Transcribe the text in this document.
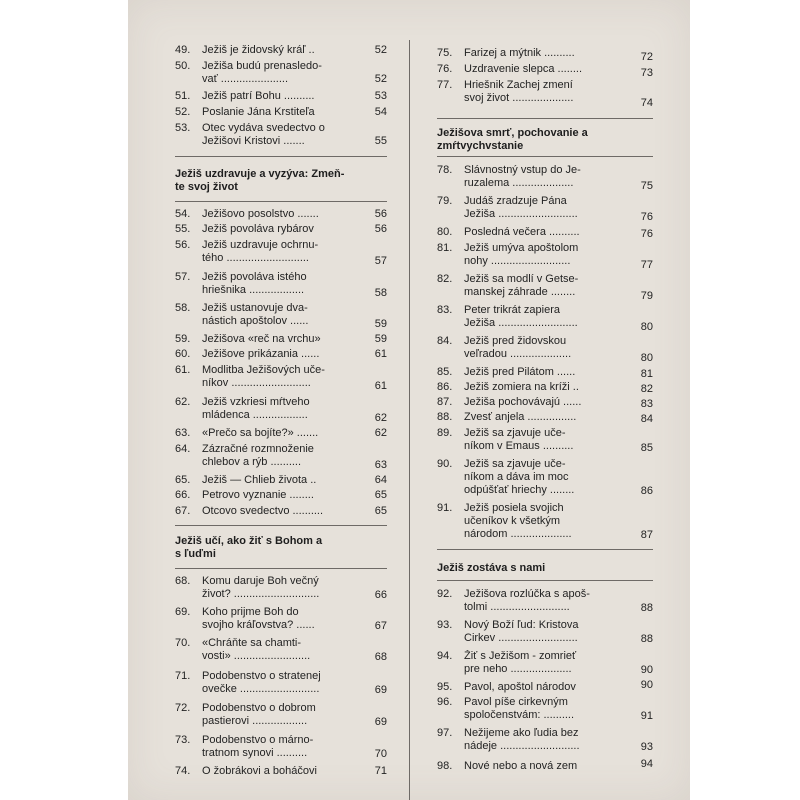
49. Ježiš je židovský kráľ ..	52
50. Ježiša budú prenasledo-
vať ......................	52
51. Ježiš patrí Bohu ..........	53
52. Poslanie Jána Krstiteľa	54
53. Otec vydáva svedectvo o
Ježišovi Kristovi .......	55
Ježiš uzdravuje a vyzýva: Zmeň-
te svoj život
54. Ježišovo posolstvo .......	56
55. Ježiš povoláva rybárov	56
56. Ježiš uzdravuje ochrnu-
tého ...........................	57
57. Ježiš povoláva istého
hriešnika ..................	58
58. Ježiš ustanovuje dva-
nástich apoštolov ......	59
59. Ježišova «reč na vrchu»	59
60. Ježišove prikázania ......	61
61. Modlitba Ježišových uče-
níkov ..........................	61
62. Ježiš vzkriesi mŕtveho
mládenca ..................	62
63. «Prečo sa bojíte?» .......	62
64. Zázračné rozmnoženie
chlebov a rýb ..........	63
65. Ježiš — Chlieb života ..	64
66. Petrovo vyznanie ........	65
67. Otcovo svedectvo ..........	65
Ježiš učí, ako žiť s Bohom a
s ľuďmi
68. Komu daruje Boh večný
život? ............................	66
69. Koho prijme Boh do
svojho kráľovstva? ......	67
70. «Chráňte sa chamti-
vosti» .........................	68
71. Podobenstvo o stratenej
ovečke ..........................	69
72. Podobenstvo o dobrom
pastierovi ..................	69
73. Podobenstvo o márno-
tratnom synovi ..........	70
74. O žobrákovi a boháčovi	71
75. Farizej a mýtnik ..........	72
76. Uzdravenie slepca ........	73
77. Hriešnik Zachej zmení
svoj život ....................	74
Ježišova smrť, pochovanie a
zmŕtvychvstanie
78. Slávnostný vstup do Je-
ruzalema ....................	75
79. Judáš zradzuje Pána
Ježiša ..........................	76
80. Posledná večera ..........	76
81. Ježiš umýva apoštolom
nohy ..........................	77
82. Ježiš sa modlí v Getse-
manskej záhrade ........	79
83. Peter trikrát zapiera
Ježiša ..........................	80
84. Ježiš pred židovskou
veľradou ....................	80
85. Ježiš pred Pilátom ......	81
86. Ježiš zomiera na kríži ..	82
87. Ježiša pochovávajú ......	83
88. Zvesť anjela ................	84
89. Ježiš sa zjavuje uče-
níkom v Emaus ..........	85
90. Ježiš sa zjavuje uče-
níkom a dáva im moc
odpúšťať hriechy ........	86
91. Ježiš posiela svojich
učeníkov k všetkým
národom ....................	87
Ježiš zostáva s nami
92. Ježišova rozlúčka s apoš-
tolmi ..........................	88
93. Nový Boží ľud: Kristova
Cirkev ..........................	88
94. Žiť s Ježišom - zomrieť
pre neho ....................	90
95. Pavol, apoštol národov	90
96. Pavol píše cirkevným
spoločenstvám: ..........	91
97. Nežijeme ako ľudia bez
nádeje ..........................	93
98. Nové nebo a nová zem	94
